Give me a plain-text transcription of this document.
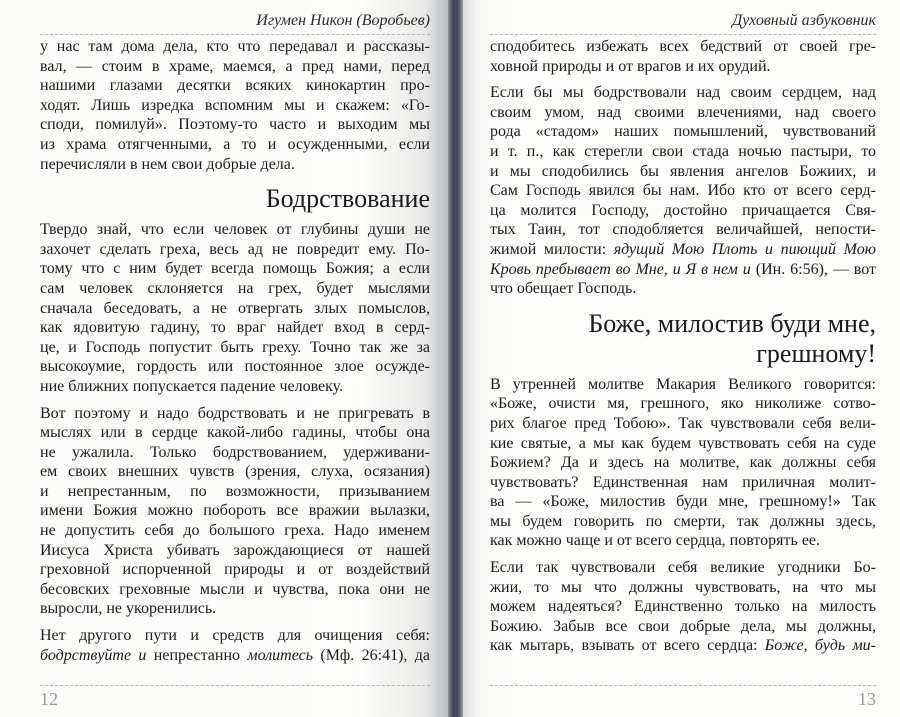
Игумен Никон (Воробьев)
у нас там дома дела, кто что передавал и рассказы-
вал, — стоим в храме, маемся, а пред нами, перед
нашими глазами десятки всяких кинокартин про-
ходят. Лишь изредка вспомним мы и скажем: «Го-
споди, помилуй». Поэтому-то часто и выходим мы
из храма отягченными, а то и осужденными, если
перечисляли в нем свои добрые дела.
Бодрствование
Твердо знай, что если человек от глубины души не
захочет сделать греха, весь ад не повредит ему. По-
тому что с ним будет всегда помощь Божия; а если
сам человек склоняется на грех, будет мыслями
сначала беседовать, а не отвергать злых помыслов,
как ядовитую гадину, то враг найдет вход в серд-
це, и Господь попустит быть греху. Точно так же за
высокоумие, гордость или постоянное злое осужде-
ние ближних попускается падение человеку.
Вот поэтому и надо бодрствовать и не пригревать в
мыслях или в сердце какой-либо гадины, чтобы она
не ужалила. Только бодрствованием, удерживани-
ем своих внешних чувств (зрения, слуха, осязания)
и непрестанным, по возможности, призыванием
имени Божия можно побороть все вражии вылазки,
не допустить себя до большого греха. Надо именем
Иисуса Христа убивать зарождающиеся от нашей
греховной испорченной природы и от воздействий
бесовских греховные мысли и чувства, пока они не
выросли, не укоренились.
Нет другого пути и средств для очищения себя:
бодрствуйте и непрестанно молитесь (Мф. 26:41), да
12
Духовный азбуковник
сподобитесь избежать всех бедствий от своей гре-
ховной природы и от врагов и их орудий.
Если бы мы бодрствовали над своим сердцем, над
своим умом, над своими влечениями, над своего
рода «стадом» наших помышлений, чувствований
и т. п., как стерегли свои стада ночью пастыри, то
и мы сподобились бы явления ангелов Божиих, и
Сам Господь явился бы нам. Ибо кто от всего серд-
ца молится Господу, достойно причащается Свя-
тых Таин, тот сподобляется величайшей, непости-
жимой милости: ядущий Мою Плоть и пиющий Мою
Кровь пребывает во Мне, и Я в нем и (Ин. 6:56), — вот
что обещает Господь.
Боже, милостив буди мне,
грешному!
В утренней молитве Макария Великого говорится:
«Боже, очисти мя, грешного, яко николиже сотво-
рих благое пред Тобою». Так чувствовали себя вели-
кие святые, а мы как будем чувствовать себя на суде
Божием? Да и здесь на молитве, как должны себя
чувствовать? Единственная нам приличная молит-
ва — «Боже, милостив буди мне, грешному!» Так
мы будем говорить по смерти, так должны здесь,
как можно чаще и от всего сердца, повторять ее.
Если так чувствовали себя великие угодники Бо-
жии, то мы что должны чувствовать, на что мы
можем надеяться? Единственно только на милость
Божию. Забыв все свои добрые дела, мы должны,
как мытарь, взывать от всего сердца: Боже, будь ми-
13
